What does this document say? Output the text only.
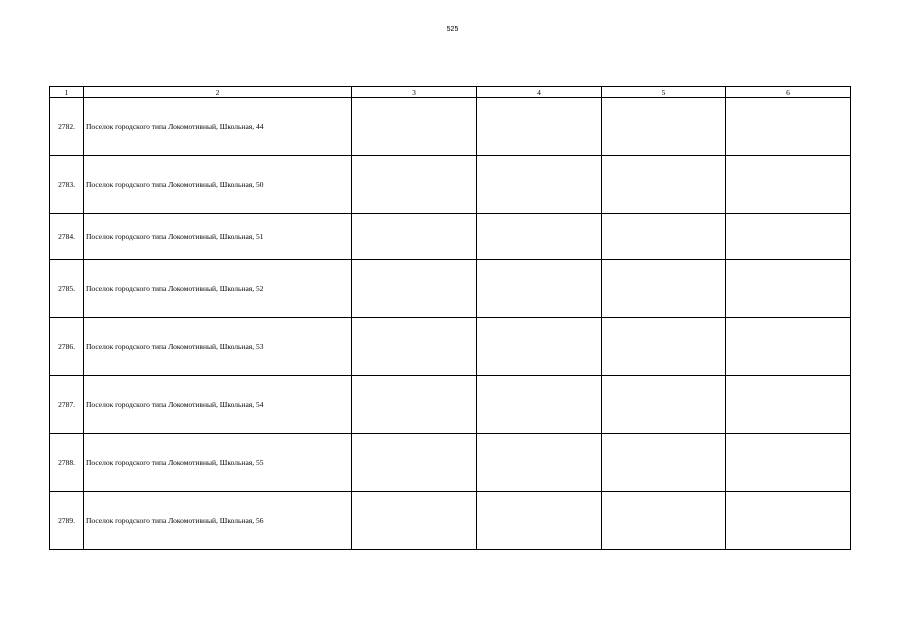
525
1	2	3	4	5	6
2782.	Поселок городского типа Локомотивный, Школьная, 44				
2783.	Поселок городского типа Локомотивный, Школьная, 50				
2784.	Поселок городского типа Локомотивный, Школьная, 51				
2785.	Поселок городского типа Локомотивный, Школьная, 52				
2786.	Поселок городского типа Локомотивный, Школьная, 53				
2787.	Поселок городского типа Локомотивный, Школьная, 54				
2788.	Поселок городского типа Локомотивный, Школьная, 55				
2789.	Поселок городского типа Локомотивный, Школьная, 56				
